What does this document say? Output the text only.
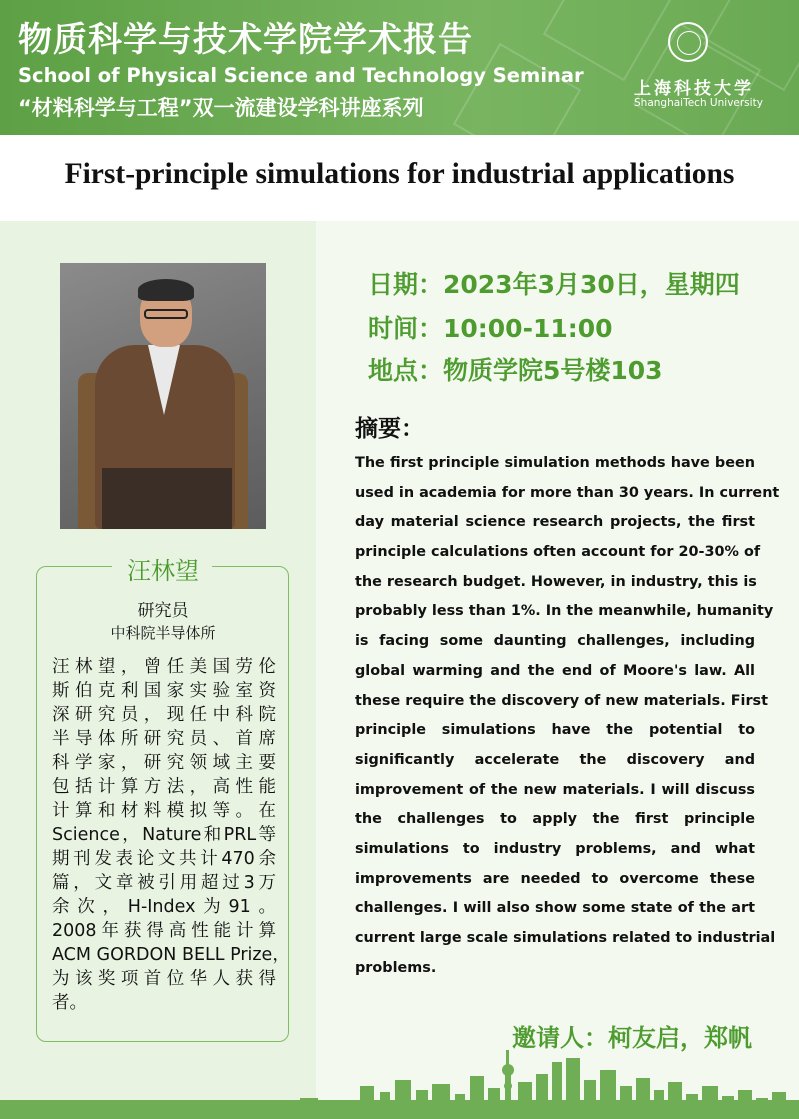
物质科学与技术学院学术报告
School of Physical Science and Technology Seminar
“材料科学与工程”双一流建设学科讲座系列
上海科技大学
ShanghaiTech University
First-principle simulations for industrial applications
汪林望
研究员
中科院半导体所
汪林望，曾任美国劳伦
斯伯克利国家实验室资
深研究员，现任中科院
半导体所研究员、首席
科学家，研究领域主要
包括计算方法，高性能
计算和材料模拟等。在
Science，Nature和PRL等
期刊发表论文共计470余
篇，文章被引用超过3万
余次，H-Index为91。
2008年获得高性能计算
ACM GORDON BELL Prize，
为该奖项首位华人获得
者。
日期：2023年3月30日，星期四
时间：10:00-11:00
地点：物质学院5号楼103
摘要：
The first principle simulation methods have been
used in academia for more than 30 years. In current
day material science research projects, the first
principle calculations often account for 20-30% of
the research budget. However, in industry, this is
probably less than 1%. In the meanwhile, humanity
is facing some daunting challenges, including
global warming and the end of Moore's law. All
these require the discovery of new materials. First
principle simulations have the potential to
significantly accelerate the discovery and
improvement of the new materials. I will discuss
the challenges to apply the first principle
simulations to industry problems, and what
improvements are needed to overcome these
challenges. I will also show some state of the art
current large scale simulations related to industrial
problems.
邀请人：柯友启，郑帆
